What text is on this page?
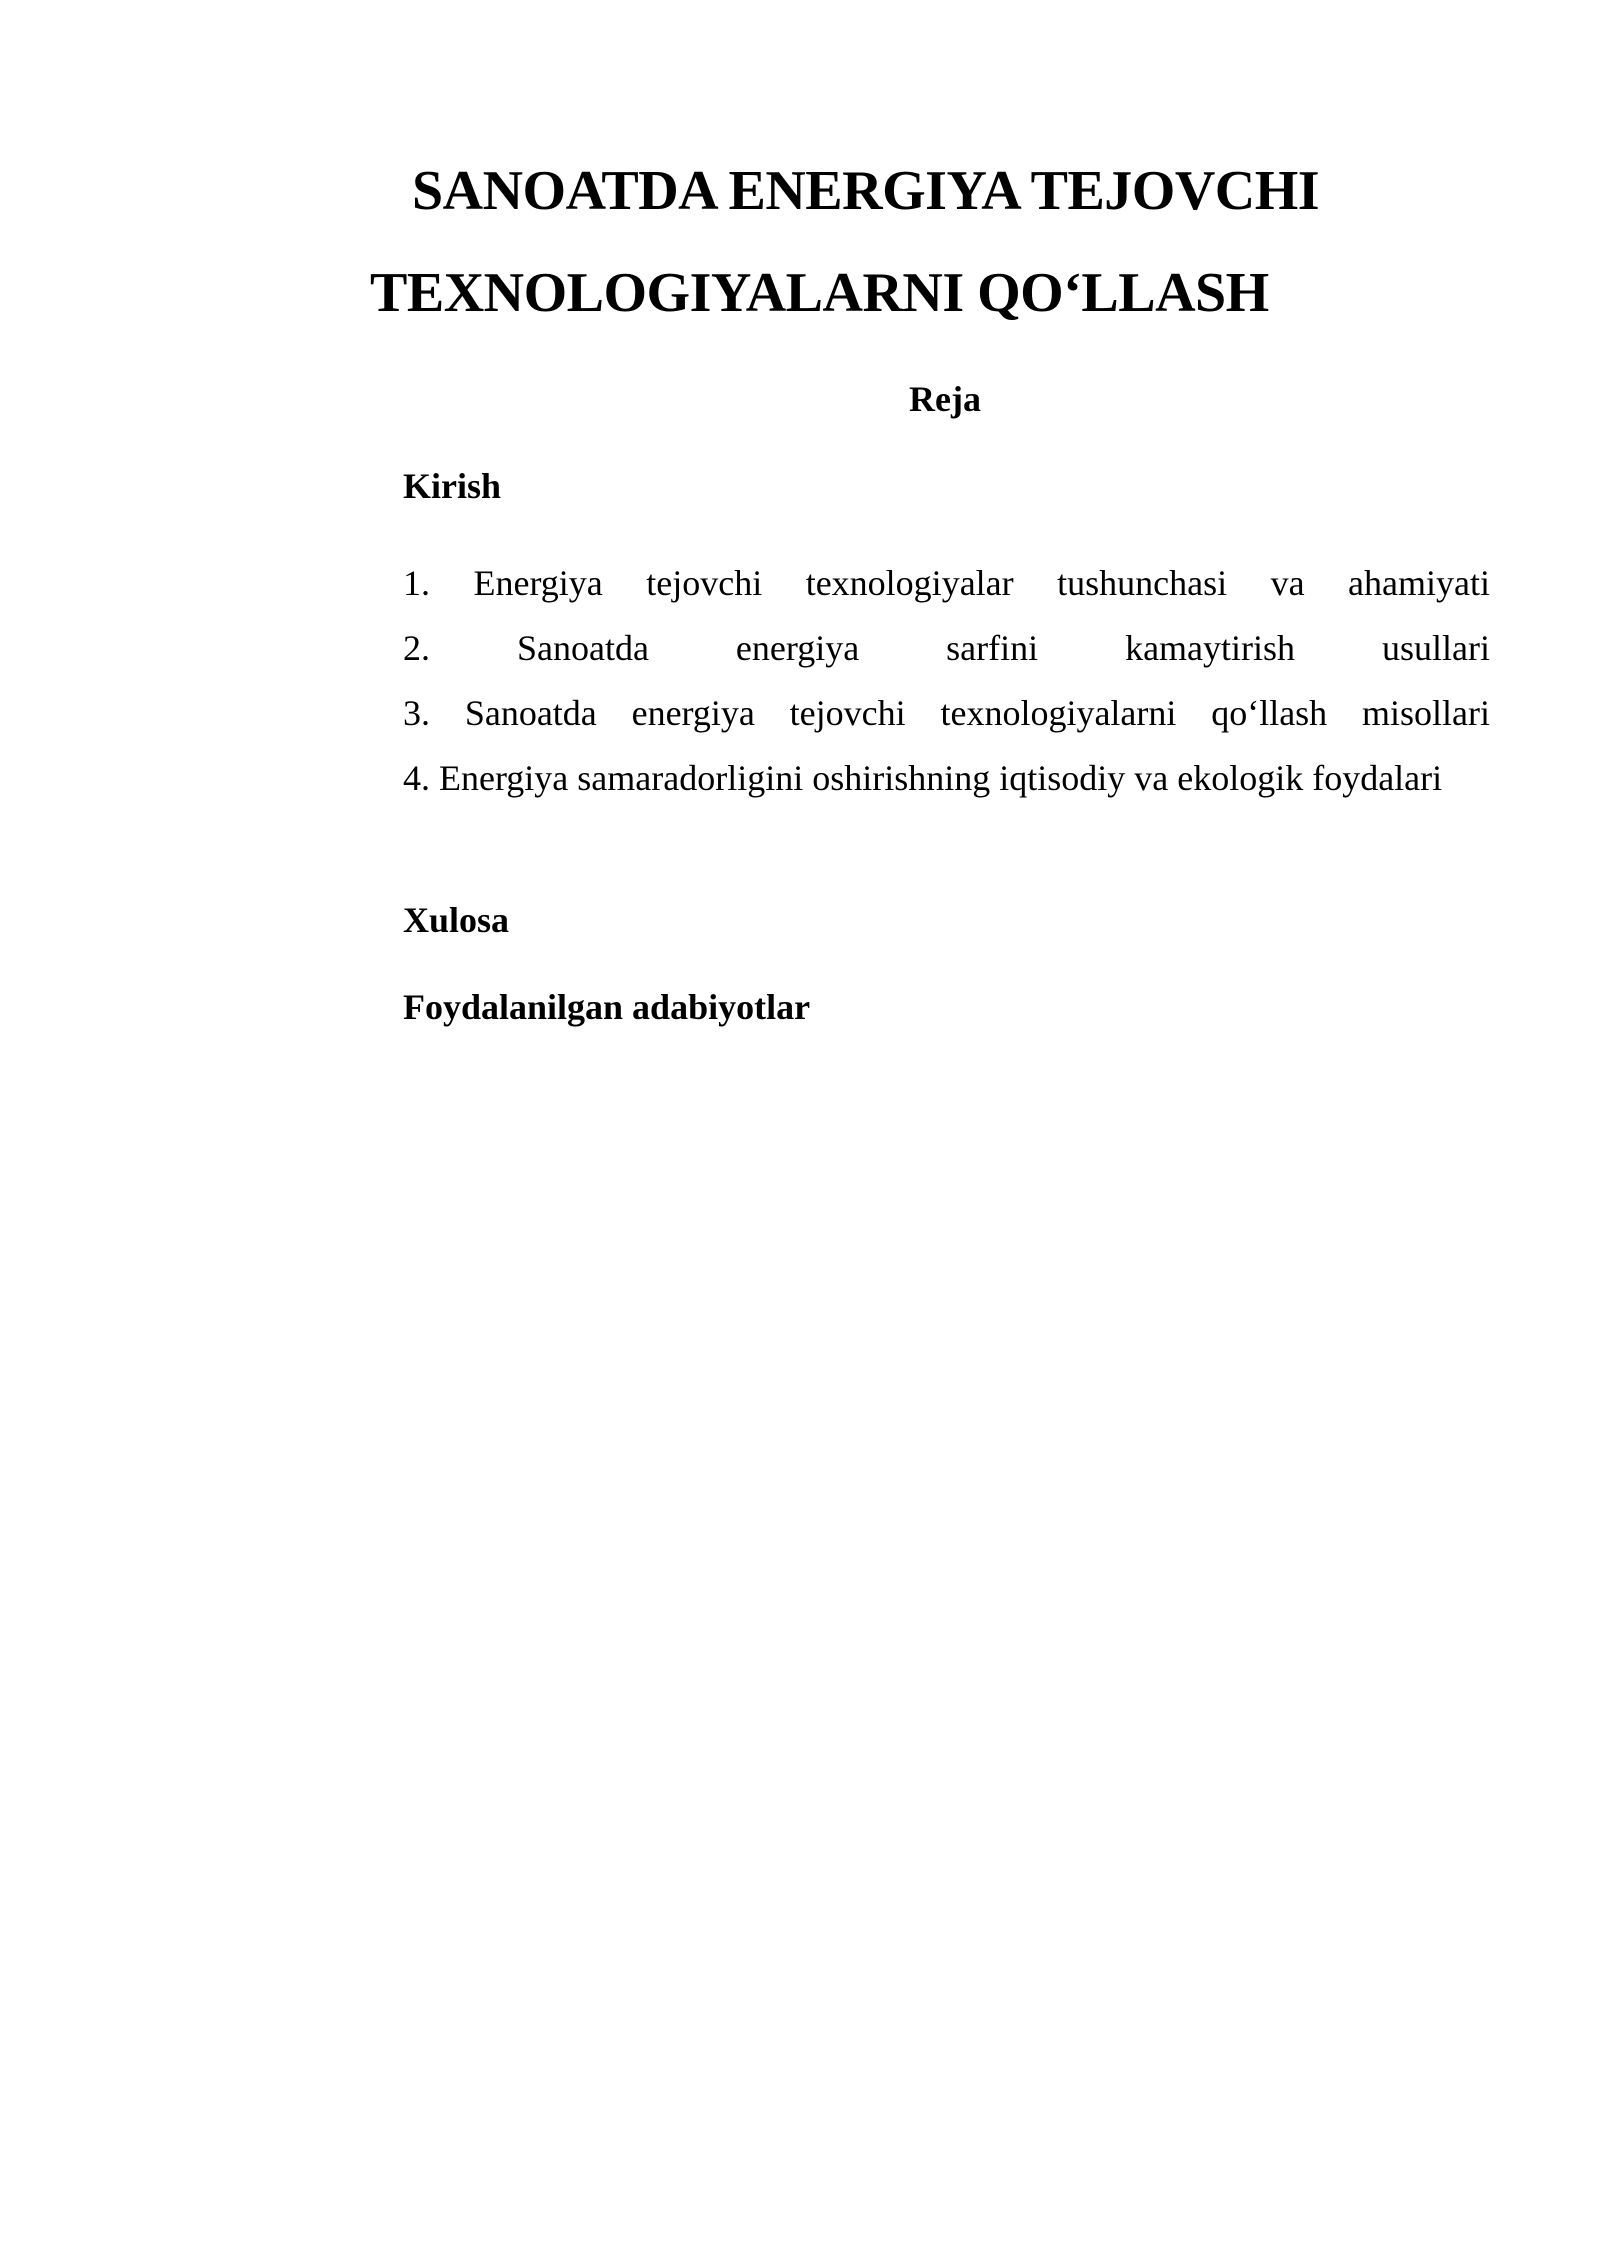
SANOATDA ENERGIYA TEJOVCHI
TEXNOLOGIYALARNI QO‘LLASH
Reja
Kirish
1. Energiya tejovchi texnologiyalar tushunchasi va ahamiyati
2. Sanoatda energiya sarfini kamaytirish usullari
3. Sanoatda energiya tejovchi texnologiyalarni qo‘llash misollari
4. Energiya samaradorligini oshirishning iqtisodiy va ekologik foydalari
Xulosa
Foydalanilgan adabiyotlar
